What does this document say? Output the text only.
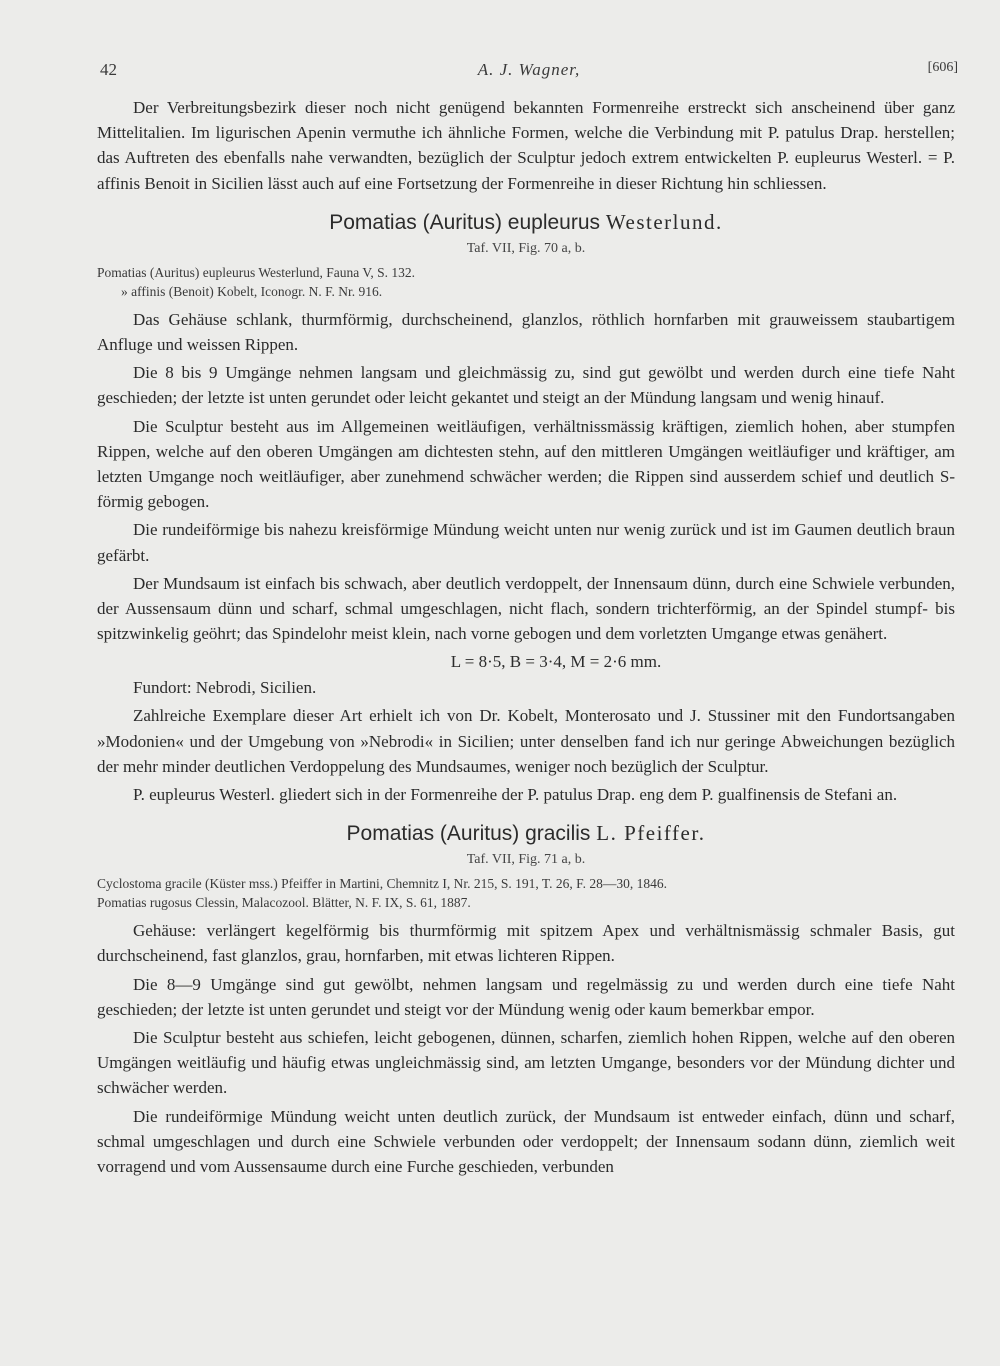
42	A. J. Wagner,	[606]

Der Verbreitungsbezirk dieser noch nicht genügend bekannten Formenreihe erstreckt sich anscheinend über ganz Mittelitalien. Im ligurischen Apenin vermuthe ich ähnliche Formen, welche die Verbindung mit P. patulus Drap. herstellen; das Auftreten des ebenfalls nahe verwandten, bezüglich der Sculptur jedoch extrem entwickelten P. eupleurus Westerl. = P. affinis Benoit in Sicilien lässt auch auf eine Fortsetzung der Formenreihe in dieser Richtung hin schliessen.

Pomatias (Auritus) eupleurus Westerlund.
Taf. VII, Fig. 70 a, b.

Pomatias (Auritus) eupleurus Westerlund, Fauna V, S. 132.

» affinis (Benoit) Kobelt, Iconogr. N. F. Nr. 916.

Das Gehäuse schlank, thurmförmig, durchscheinend, glanzlos, röthlich hornfarben mit grauweissem staubartigem Anfluge und weissen Rippen.

Die 8 bis 9 Umgänge nehmen langsam und gleichmässig zu, sind gut gewölbt und werden durch eine tiefe Naht geschieden; der letzte ist unten gerundet oder leicht gekantet und steigt an der Mündung langsam und wenig hinauf.

Die Sculptur besteht aus im Allgemeinen weitläufigen, verhältnissmässig kräftigen, ziemlich hohen, aber stumpfen Rippen, welche auf den oberen Umgängen am dichtesten stehn, auf den mittleren Umgängen weitläufiger und kräftiger, am letzten Umgange noch weitläufiger, aber zunehmend schwächer werden; die Rippen sind ausserdem schief und deutlich S-förmig gebogen.

Die rundeiförmige bis nahezu kreisförmige Mündung weicht unten nur wenig zurück und ist im Gaumen deutlich braun gefärbt.

Der Mundsaum ist einfach bis schwach, aber deutlich verdoppelt, der Innensaum dünn, durch eine Schwiele verbunden, der Aussensaum dünn und scharf, schmal umgeschlagen, nicht flach, sondern trichterförmig, an der Spindel stumpf- bis spitzwinkelig geöhrt; das Spindelohr meist klein, nach vorne gebogen und dem vorletzten Umgange etwas genähert.

L = 8·5, B = 3·4, M = 2·6 mm.
Fundort: Nebrodi, Sicilien.

Zahlreiche Exemplare dieser Art erhielt ich von Dr. Kobelt, Monterosato und J. Stussiner mit den Fundortsangaben »Modonien« und der Umgebung von »Nebrodi« in Sicilien; unter denselben fand ich nur geringe Abweichungen bezüglich der mehr minder deutlichen Verdoppelung des Mundsaumes, weniger noch bezüglich der Sculptur.

P. eupleurus Westerl. gliedert sich in der Formenreihe der P. patulus Drap. eng dem P. gualfinensis de Stefani an.

Pomatias (Auritus) gracilis L. Pfeiffer.
Taf. VII, Fig. 71 a, b.

Cyclostoma gracile (Küster mss.) Pfeiffer in Martini, Chemnitz I, Nr. 215, S. 191, T. 26, F. 28—30, 1846.

Pomatias rugosus Clessin, Malacozool. Blätter, N. F. IX, S. 61, 1887.

Gehäuse: verlängert kegelförmig bis thurmförmig mit spitzem Apex und verhältnismässig schmaler Basis, gut durchscheinend, fast glanzlos, grau, hornfarben, mit etwas lichteren Rippen.

Die 8—9 Umgänge sind gut gewölbt, nehmen langsam und regelmässig zu und werden durch eine tiefe Naht geschieden; der letzte ist unten gerundet und steigt vor der Mündung wenig oder kaum bemerkbar empor.

Die Sculptur besteht aus schiefen, leicht gebogenen, dünnen, scharfen, ziemlich hohen Rippen, welche auf den oberen Umgängen weitläufig und häufig etwas ungleichmässig sind, am letzten Umgange, besonders vor der Mündung dichter und schwächer werden.

Die rundeiförmige Mündung weicht unten deutlich zurück, der Mundsaum ist entweder einfach, dünn und scharf, schmal umgeschlagen und durch eine Schwiele verbunden oder verdoppelt; der Innensaum sodann dünn, ziemlich weit vorragend und vom Aussensaume durch eine Furche geschieden, verbunden
